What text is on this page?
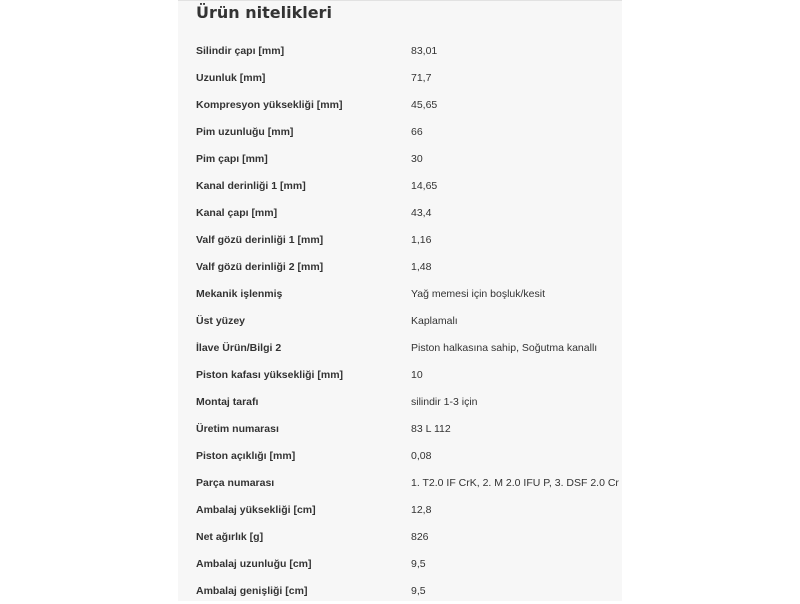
Ürün nitelikleri
Silindir çapı [mm]	83,01
Uzunluk [mm]	71,7
Kompresyon yüksekliği [mm]	45,65
Pim uzunluğu [mm]	66
Pim çapı [mm]	30
Kanal derinliği 1 [mm]	14,65
Kanal çapı [mm]	43,4
Valf gözü derinliği 1 [mm]	1,16
Valf gözü derinliği 2 [mm]	1,48
Mekanik işlenmiş	Yağ memesi için boşluk/kesit
Üst yüzey	Kaplamalı
İlave Ürün/Bilgi 2	Piston halkasına sahip, Soğutma kanallı
Piston kafası yüksekliği [mm]	10
Montaj tarafı	silindir 1-3 için
Üretim numarası	83 L 112
Piston açıklığı [mm]	0,08
Parça numarası	1. T2.0 IF CrK, 2. M 2.0 IFU P, 3. DSF 2.0 Cr
Ambalaj yüksekliği [cm]	12,8
Net ağırlık [g]	826
Ambalaj uzunluğu [cm]	9,5
Ambalaj genişliği [cm]	9,5
